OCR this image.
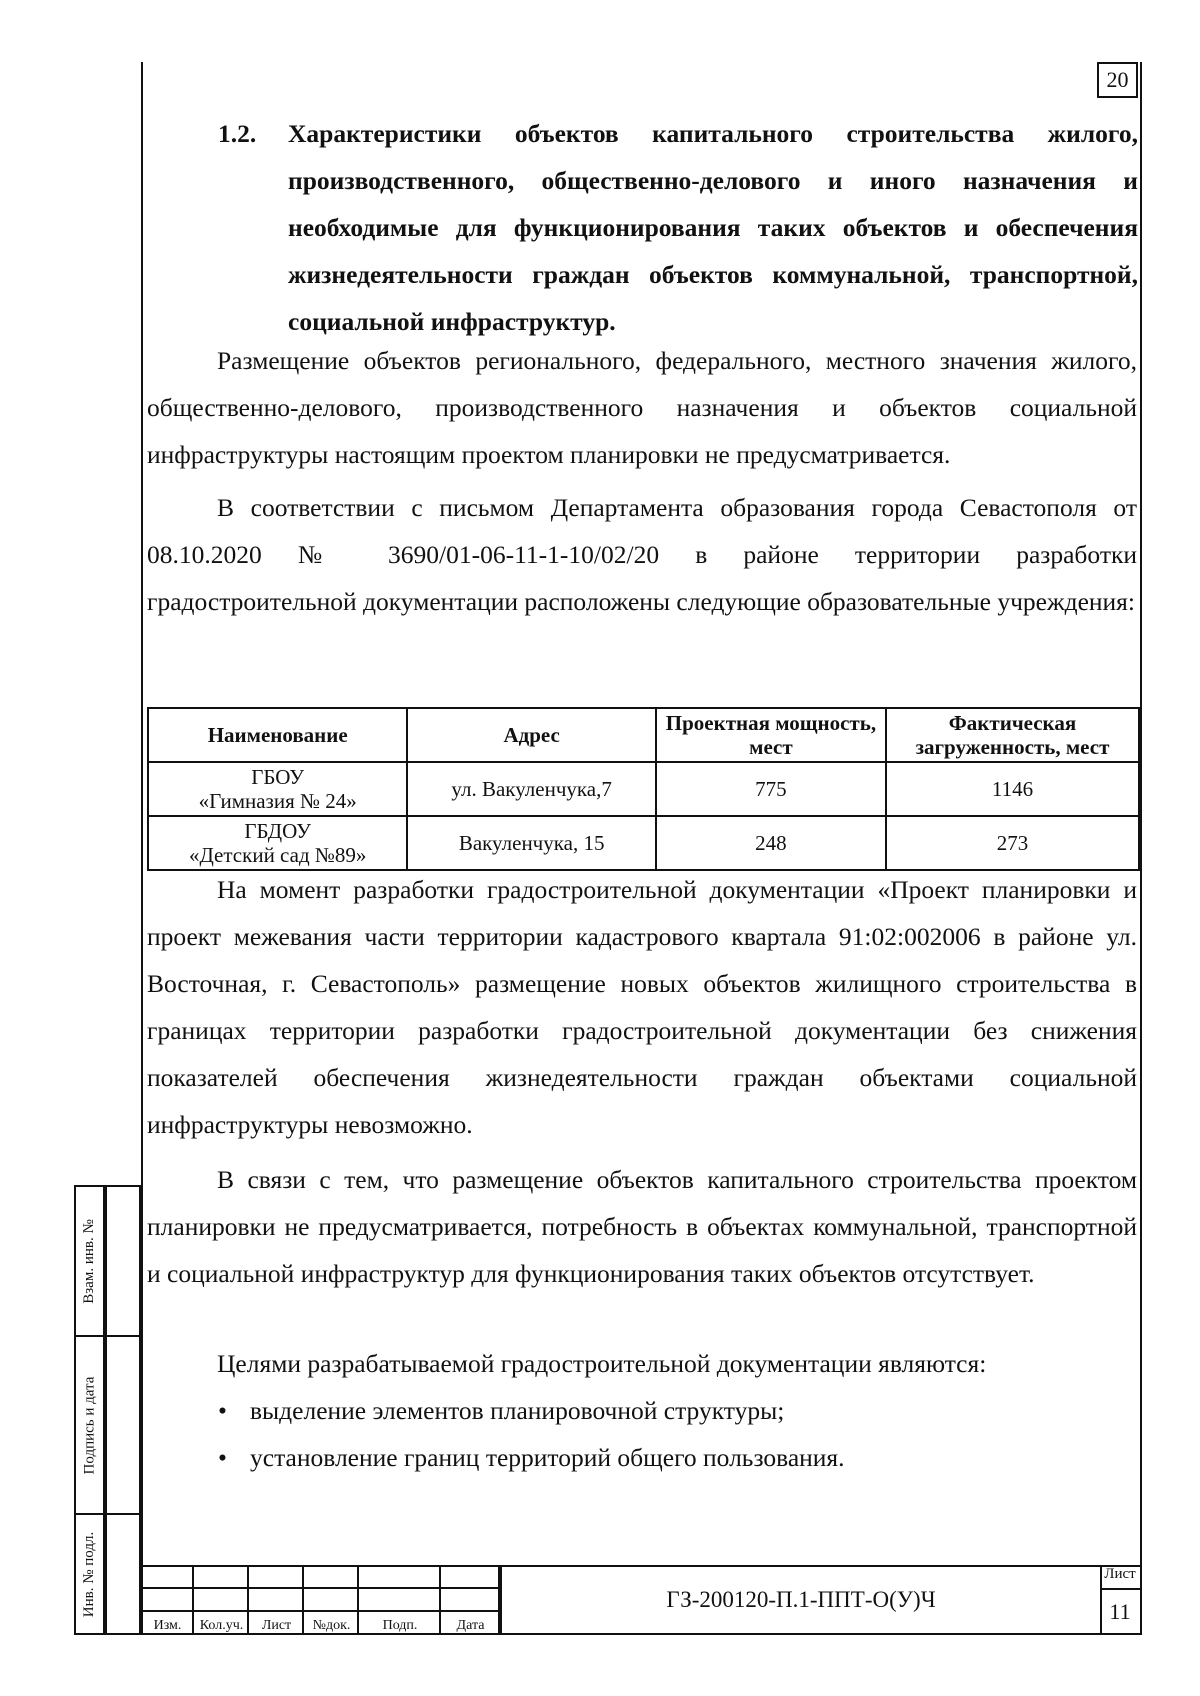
20
1.2. Характеристики объектов капитального строительства жилого, производственного, общественно-делового и иного назначения и необходимые для функционирования таких объектов и обеспечения жизнедеятельности граждан объектов коммунальной, транспортной, социальной инфраструктур.
Размещение объектов регионального, федерального, местного значения жилого, общественно-делового, производственного назначения и объектов социальной инфраструктуры настоящим проектом планировки не предусматривается.
В соответствии с письмом Департамента образования города Севастополя от 08.10.2020 № 3690/01-06-11-1-10/02/20 в районе территории разработки градостроительной документации расположены следующие образовательные учреждения:
Наименование	Адрес	Проектная мощность, мест	Фактическая загруженность, мест

ГБОУ
«Гимназия № 24»	ул. Вакуленчука,7	775	1146

ГБДОУ
«Детский сад №89»	Вакуленчука, 15	248	273
На момент разработки градостроительной документации «Проект планировки и проект межевания части территории кадастрового квартала 91:02:002006 в районе ул. Восточная, г. Севастополь» размещение новых объектов жилищного строительства в границах территории разработки градостроительной документации без снижения показателей обеспечения жизнедеятельности граждан объектами социальной инфраструктуры невозможно.
В связи с тем, что размещение объектов капитального строительства проектом планировки не предусматривается, потребность в объектах коммунальной, транспортной и социальной инфраструктур для функционирования таких объектов отсутствует.
Целями разрабатываемой градостроительной документации являются:
• выделение элементов планировочной структуры;
• установление границ территорий общего пользования.
Взам. инв. №
Подпись и дата
Инв. № подл.
Изм.	Кол.уч.	Лист	№док.	Подп.	Дата
ГЗ-200120-П.1-ППТ-О(У)Ч
Лист
11
